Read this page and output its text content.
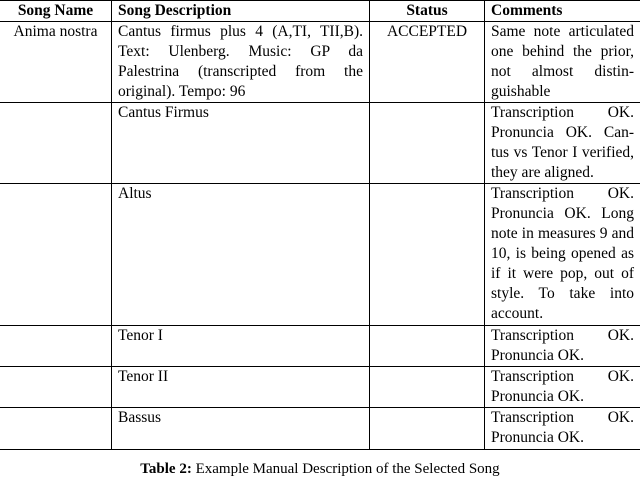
Song Name	Song Description	Status	Comments
Anima nostra	Cantus firmus plus 4 (A,TI, TII,B). Text: Ulenberg. Music: GP da Palestrina (transcripted from the original). Tempo: 96	ACCEPTED	Same note articulated one behind the prior, not almost distin- guishable
	Cantus Firmus		Transcription OK. Pronuncia OK. Can- tus vs Tenor I verified, they are aligned.
	Altus		Transcription OK. Pronuncia OK. Long note in measures 9 and 10, is being opened as if it were pop, out of style. To take into account.
	Tenor I		Transcription OK. Pronuncia OK.
	Tenor II		Transcription OK. Pronuncia OK.
	Bassus		Transcription OK. Pronuncia OK.
Table 2: Example Manual Description of the Selected Song
